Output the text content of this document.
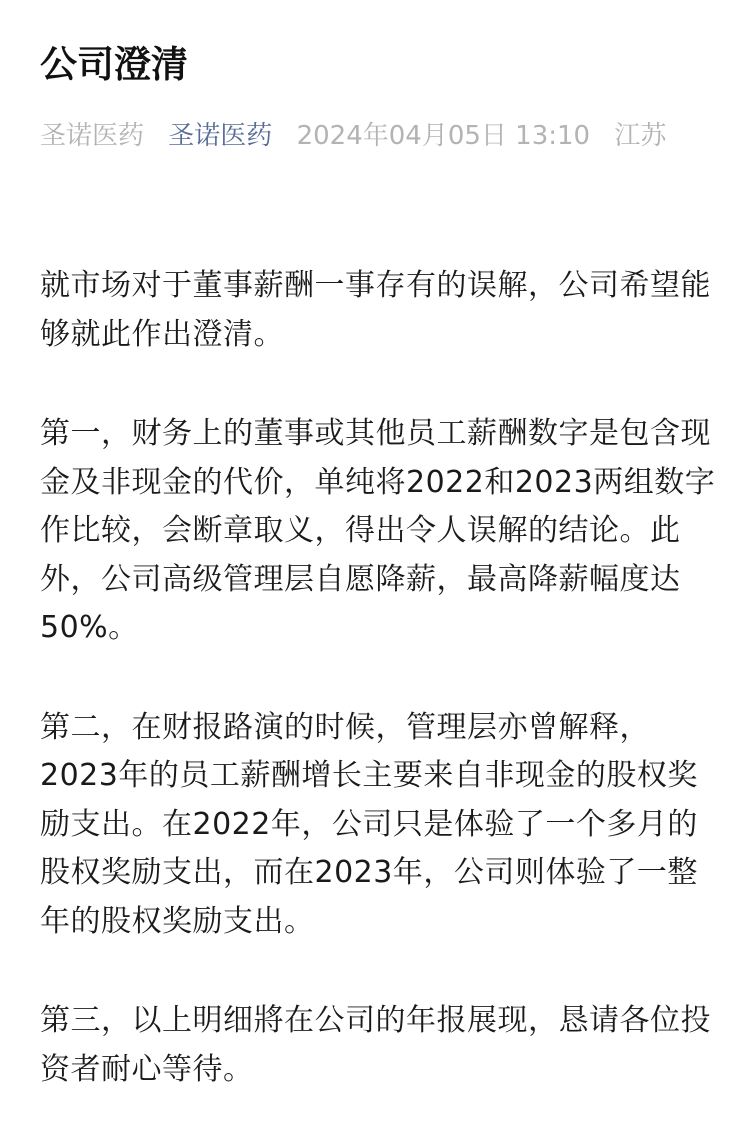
公司澄清
圣诺医药 圣诺医药 2024年04月05日 13:10 江苏

就市场对于董事薪酬一事存有的误解，公司希望能够就此作出澄清。

第一，财务上的董事或其他员工薪酬数字是包含现金及非现金的代价，单纯将2022和2023两组数字作比较，会断章取义，得出令人误解的结论。此外，公司高级管理层自愿降薪，最高降薪幅度达50%。

第二，在财报路演的时候，管理层亦曾解释，2023年的员工薪酬增长主要来自非现金的股权奖励支出。在2022年，公司只是体验了一个多月的股权奖励支出，而在2023年，公司则体验了一整年的股权奖励支出。

第三，以上明细將在公司的年报展现，恳请各位投资者耐心等待。
